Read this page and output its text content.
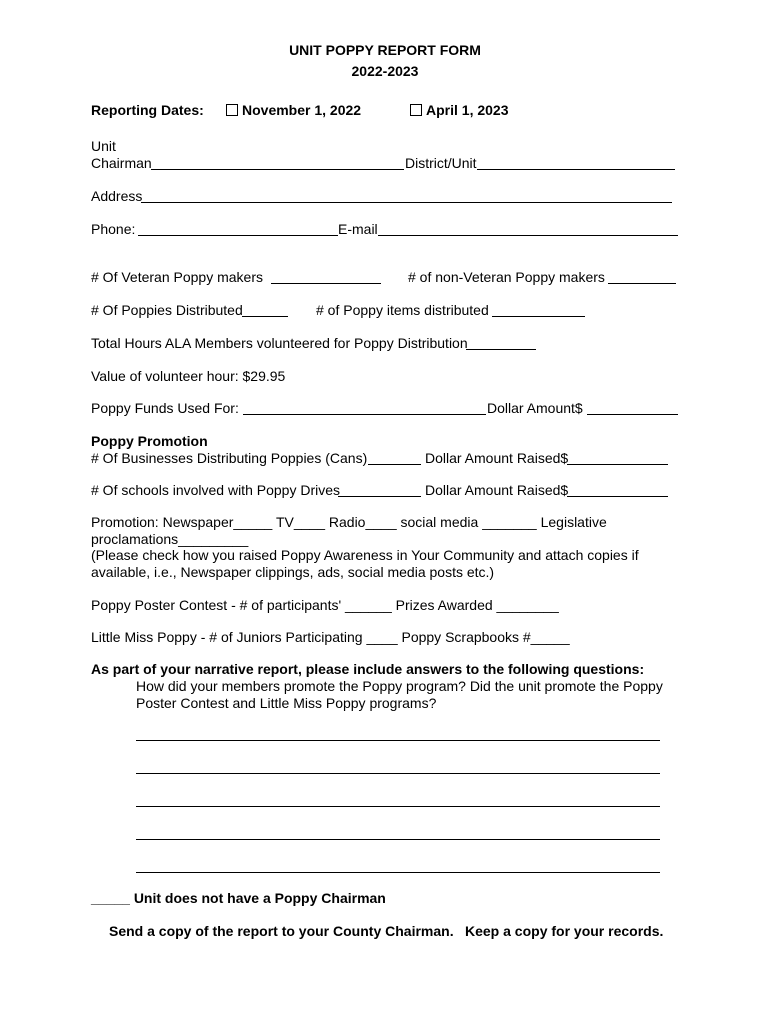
UNIT POPPY REPORT FORM
2022-2023
Reporting Dates:	November 1, 2022	April 1, 2023
Unit
Chairman	District/Unit
Address
Phone:	E-mail
# Of Veteran Poppy makers	# of non-Veteran Poppy makers
# Of Poppies Distributed	# of Poppy items distributed
Total Hours ALA Members volunteered for Poppy Distribution
Value of volunteer hour: $29.95
Poppy Funds Used For:	Dollar Amount$
Poppy Promotion
# Of Businesses Distributing Poppies (Cans)	Dollar Amount Raised$
# Of schools involved with Poppy Drives	Dollar Amount Raised$
Promotion: Newspaper_____ TV____ Radio____ social media _______ Legislative
proclamations_________
(Please check how you raised Poppy Awareness in Your Community and attach copies if
available, i.e., Newspaper clippings, ads, social media posts etc.)
Poppy Poster Contest - # of participants' ______ Prizes Awarded ________
Little Miss Poppy - # of Juniors Participating ____ Poppy Scrapbooks #_____
As part of your narrative report, please include answers to the following questions:
How did your members promote the Poppy program? Did the unit promote the Poppy
Poster Contest and Little Miss Poppy programs?
_____ Unit does not have a Poppy Chairman
Send a copy of the report to your County Chairman. Keep a copy for your records.
